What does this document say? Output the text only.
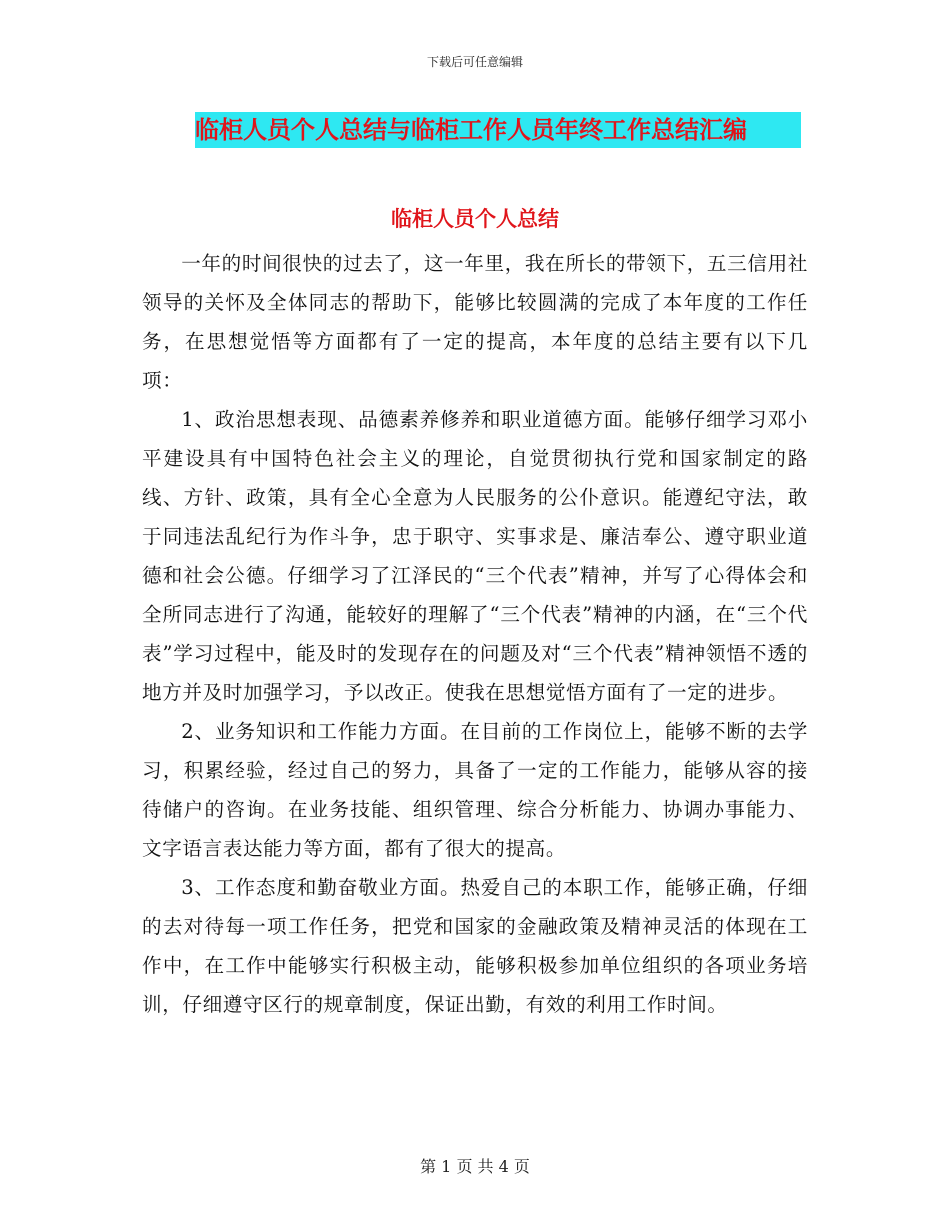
下载后可任意编辑
临柜人员个人总结与临柜工作人员年终工作总结汇编
临柜人员个人总结

一年的时间很快的过去了，这一年里，我在所长的带领下，五三信用社领导的关怀及全体同志的帮助下，能够比较圆满的完成了本年度的工作任务，在思想觉悟等方面都有了一定的提高，本年度的总结主要有以下几项：

1、政治思想表现、品德素养修养和职业道德方面。能够仔细学习邓小平建设具有中国特色社会主义的理论，自觉贯彻执行党和国家制定的路线、方针、政策，具有全心全意为人民服务的公仆意识。能遵纪守法，敢于同违法乱纪行为作斗争，忠于职守、实事求是、廉洁奉公、遵守职业道德和社会公德。仔细学习了江泽民的“三个代表”精神，并写了心得体会和全所同志进行了沟通，能较好的理解了“三个代表”精神的内涵，在“三个代表”学习过程中，能及时的发现存在的问题及对“三个代表”精神领悟不透的地方并及时加强学习，予以改正。使我在思想觉悟方面有了一定的进步。

2、业务知识和工作能力方面。在目前的工作岗位上，能够不断的去学习，积累经验，经过自己的努力，具备了一定的工作能力，能够从容的接待储户的咨询。在业务技能、组织管理、综合分析能力、协调办事能力、文字语言表达能力等方面，都有了很大的提高。

3、工作态度和勤奋敬业方面。热爱自己的本职工作，能够正确，仔细的去对待每一项工作任务，把党和国家的金融政策及精神灵活的体现在工作中，在工作中能够实行积极主动，能够积极参加单位组织的各项业务培训，仔细遵守区行的规章制度，保证出勤，有效的利用工作时间。

第 1 页 共 4 页
